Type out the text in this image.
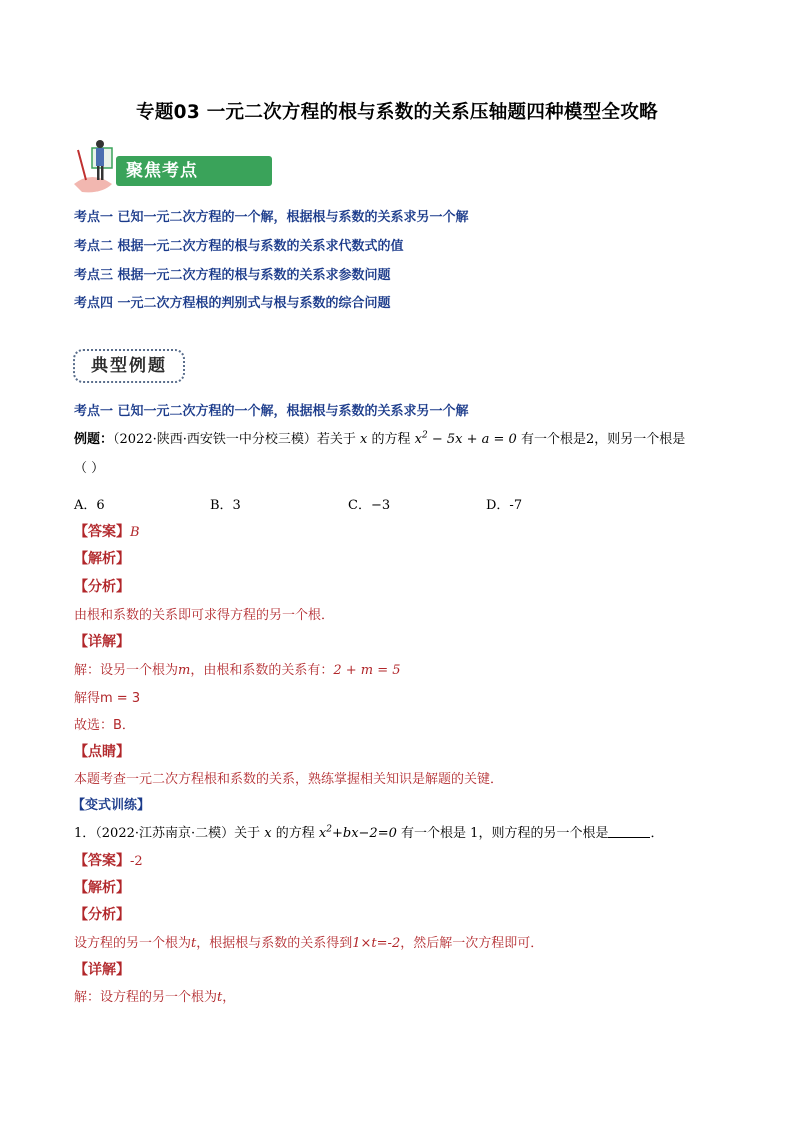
专题03 一元二次方程的根与系数的关系压轴题四种模型全攻略
聚焦考点
考点一 已知一元二次方程的一个解，根据根与系数的关系求另一个解
考点二 根据一元二次方程的根与系数的关系求代数式的值
考点三 根据一元二次方程的根与系数的关系求参数问题
考点四 一元二次方程根的判别式与根与系数的综合问题
典型例题
考点一 已知一元二次方程的一个解，根据根与系数的关系求另一个解
例题：（2022·陕西·西安铁一中分校三模）若关于 x 的方程 $x^2 - 5x + a = 0$ 有一个根是2，则另一个根是
（ ）
A．6	B．3	C．−3	D．-7
【答案】B
【解析】
【分析】
由根和系数的关系即可求得方程的另一个根．
【详解】
解：设另一个根为m，由根和系数的关系有：2 + m = 5
解得m = 3
故选：B．
【点睛】
本题考查一元二次方程根和系数的关系，熟练掌握相关知识是解题的关键．
【变式训练】
1．（2022·江苏南京·二模）关于 x 的方程 $x^2+bx-2=0$ 有一个根是 1，则方程的另一个根是	．
【答案】-2
【解析】
【分析】
设方程的另一个根为t，根据根与系数的关系得到1×t=-2，然后解一次方程即可．
【详解】
解：设方程的另一个根为t，
